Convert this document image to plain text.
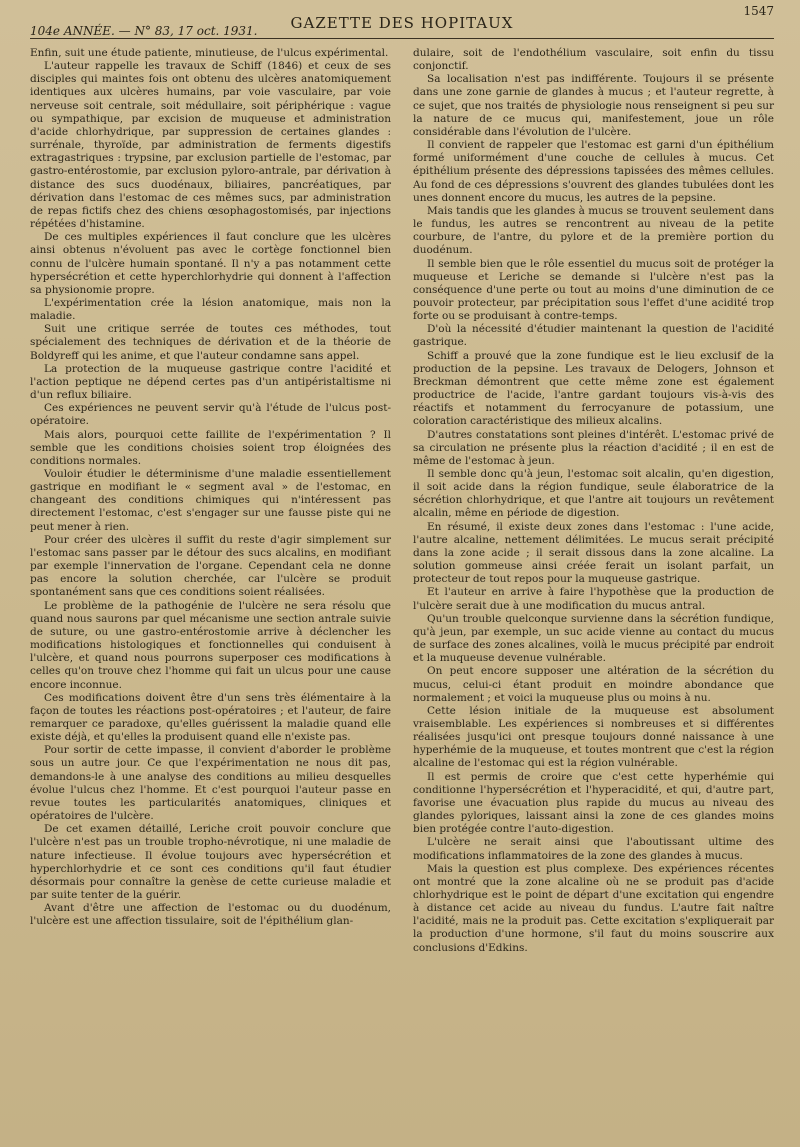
104e ANNÉE. — N° 83, 17 oct. 1931.	GAZETTE DES HOPITAUX
1547

Enfin, suit une étude patiente, minutieuse, de l'ulcus expérimental.

L'auteur rappelle les travaux de Schiff (1846) et ceux de ses disciples qui maintes fois ont obtenu des ulcères anatomiquement identiques aux ulcères humains, par voie vasculaire, par voie nerveuse soit centrale, soit médullaire, soit périphérique : vague ou sympathique, par excision de muqueuse et administration d'acide chlorhydrique, par suppression de certaines glandes : surrénale, thyroïde, par administration de ferments digestifs extragastriques : trypsine, par exclusion partielle de l'estomac, par gastro-entérostomie, par exclusion pyloro-antrale, par dérivation à distance des sucs duodénaux, biliaires, pancréatiques, par dérivation dans l'estomac de ces mêmes sucs, par administration de repas fictifs chez des chiens œsophagostomisés, par injections répétées d'histamine.

De ces multiples expériences il faut conclure que les ulcères ainsi obtenus n'évoluent pas avec le cortège fonctionnel bien connu de l'ulcère humain spontané. Il n'y a pas notamment cette hypersécrétion et cette hyperchlorhydrie qui donnent à l'affection sa physionomie propre.

L'expérimentation crée la lésion anatomique, mais non la maladie.

Suit une critique serrée de toutes ces méthodes, tout spécialement des techniques de dérivation et de la théorie de Boldyreff qui les anime, et que l'auteur condamne sans appel.

La protection de la muqueuse gastrique contre l'acidité et l'action peptique ne dépend certes pas d'un antipéristaltisme ni d'un reflux biliaire.

Ces expériences ne peuvent servir qu'à l'étude de l'ulcus post-opératoire.

Mais alors, pourquoi cette faillite de l'expérimentation ? Il semble que les conditions choisies soient trop éloignées des conditions normales.

Vouloir étudier le déterminisme d'une maladie essentiellement gastrique en modifiant le « segment aval » de l'estomac, en changeant des conditions chimiques qui n'intéressent pas directement l'estomac, c'est s'engager sur une fausse piste qui ne peut mener à rien.

Pour créer des ulcères il suffit du reste d'agir simplement sur l'estomac sans passer par le détour des sucs alcalins, en modifiant par exemple l'innervation de l'organe. Cependant cela ne donne pas encore la solution cherchée, car l'ulcère se produit spontanément sans que ces conditions soient réalisées.

Le problème de la pathogénie de l'ulcère ne sera résolu que quand nous saurons par quel mécanisme une section antrale suivie de suture, ou une gastro-entérostomie arrive à déclencher les modifications histologiques et fonctionnelles qui conduisent à l'ulcère, et quand nous pourrons superposer ces modifications à celles qu'on trouve chez l'homme qui fait un ulcus pour une cause encore inconnue.

Ces modifications doivent être d'un sens très élémentaire à la façon de toutes les réactions post-opératoires ; et l'auteur, de faire remarquer ce paradoxe, qu'elles guérissent la maladie quand elle existe déjà, et qu'elles la produisent quand elle n'existe pas.

Pour sortir de cette impasse, il convient d'aborder le problème sous un autre jour. Ce que l'expérimentation ne nous dit pas, demandons-le à une analyse des conditions au milieu desquelles évolue l'ulcus chez l'homme. Et c'est pourquoi l'auteur passe en revue toutes les particularités anatomiques, cliniques et opératoires de l'ulcère.

De cet examen détaillé, Leriche croit pouvoir conclure que l'ulcère n'est pas un trouble tropho-névrotique, ni une maladie de nature infectieuse. Il évolue toujours avec hypersécrétion et hyperchlorhydrie et ce sont ces conditions qu'il faut étudier désormais pour connaître la genèse de cette curieuse maladie et par suite tenter de la guérir.

Avant d'être une affection de l'estomac ou du duodénum, l'ulcère est une affection tissulaire, soit de l'épithélium glan-

dulaire, soit de l'endothélium vasculaire, soit enfin du tissu conjonctif.

Sa localisation n'est pas indifférente. Toujours il se présente dans une zone garnie de glandes à mucus ; et l'auteur regrette, à ce sujet, que nos traités de physiologie nous renseignent si peu sur la nature de ce mucus qui, manifestement, joue un rôle considérable dans l'évolution de l'ulcère.

Il convient de rappeler que l'estomac est garni d'un épithélium formé uniformément d'une couche de cellules à mucus. Cet épithélium présente des dépressions tapissées des mêmes cellules. Au fond de ces dépressions s'ouvrent des glandes tubulées dont les unes donnent encore du mucus, les autres de la pepsine.

Mais tandis que les glandes à mucus se trouvent seulement dans le fundus, les autres se rencontrent au niveau de la petite courbure, de l'antre, du pylore et de la première portion du duodénum.

Il semble bien que le rôle essentiel du mucus soit de protéger la muqueuse et Leriche se demande si l'ulcère n'est pas la conséquence d'une perte ou tout au moins d'une diminution de ce pouvoir protecteur, par précipitation sous l'effet d'une acidité trop forte ou se produisant à contre-temps.

D'où la nécessité d'étudier maintenant la question de l'acidité gastrique.

Schiff a prouvé que la zone fundique est le lieu exclusif de la production de la pepsine. Les travaux de Delogers, Johnson et Breckman démontrent que cette même zone est également productrice de l'acide, l'antre gardant toujours vis-à-vis des réactifs et notamment du ferrocyanure de potassium, une coloration caractéristique des milieux alcalins.

D'autres constatations sont pleines d'intérêt. L'estomac privé de sa circulation ne présente plus la réaction d'acidité ; il en est de même de l'estomac à jeun.

Il semble donc qu'à jeun, l'estomac soit alcalin, qu'en digestion, il soit acide dans la région fundique, seule élaboratrice de la sécrétion chlorhydrique, et que l'antre ait toujours un revêtement alcalin, même en période de digestion.

En résumé, il existe deux zones dans l'estomac : l'une acide, l'autre alcaline, nettement délimitées. Le mucus serait précipité dans la zone acide ; il serait dissous dans la zone alcaline. La solution gommeuse ainsi créée ferait un isolant parfait, un protecteur de tout repos pour la muqueuse gastrique.

Et l'auteur en arrive à faire l'hypothèse que la production de l'ulcère serait due à une modification du mucus antral.

Qu'un trouble quelconque survienne dans la sécrétion fundique, qu'à jeun, par exemple, un suc acide vienne au contact du mucus de surface des zones alcalines, voilà le mucus précipité par endroit et la muqueuse devenue vulnérable.

On peut encore supposer une altération de la sécrétion du mucus, celui-ci étant produit en moindre abondance que normalement ; et voici la muqueuse plus ou moins à nu.

Cette lésion initiale de la muqueuse est absolument vraisemblable. Les expériences si nombreuses et si différentes réalisées jusqu'ici ont presque toujours donné naissance à une hyperhémie de la muqueuse, et toutes montrent que c'est la région alcaline de l'estomac qui est la région vulnérable.

Il est permis de croire que c'est cette hyperhémie qui conditionne l'hypersécrétion et l'hyperacidité, et qui, d'autre part, favorise une évacuation plus rapide du mucus au niveau des glandes pyloriques, laissant ainsi la zone de ces glandes moins bien protégée contre l'auto-digestion.

L'ulcère ne serait ainsi que l'aboutissant ultime des modifications inflammatoires de la zone des glandes à mucus.

Mais la question est plus complexe. Des expériences récentes ont montré que la zone alcaline où ne se produit pas d'acide chlorhydrique est le point de départ d'une excitation qui engendre à distance cet acide au niveau du fundus. L'autre fait naître l'acidité, mais ne la produit pas. Cette excitation s'expliquerait par la production d'une hormone, s'il faut du moins souscrire aux conclusions d'Edkins.
